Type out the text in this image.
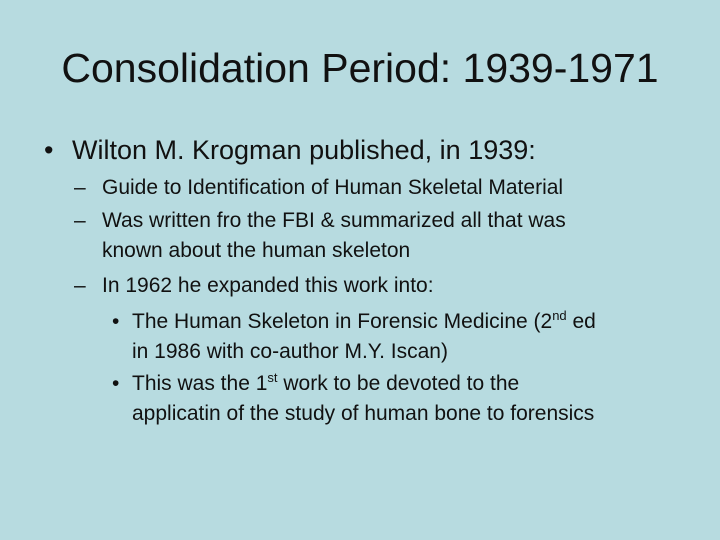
Consolidation Period: 1939-1971
• Wilton M. Krogman published, in 1939:
– Guide to Identification of Human Skeletal Material
– Was written fro the FBI & summarized all that was
known about the human skeleton
– In 1962 he expanded this work into:
• The Human Skeleton in Forensic Medicine (2nd ed
in 1986 with co-author M.Y. Iscan)
• This was the 1st work to be devoted to the
applicatin of the study of human bone to forensics
